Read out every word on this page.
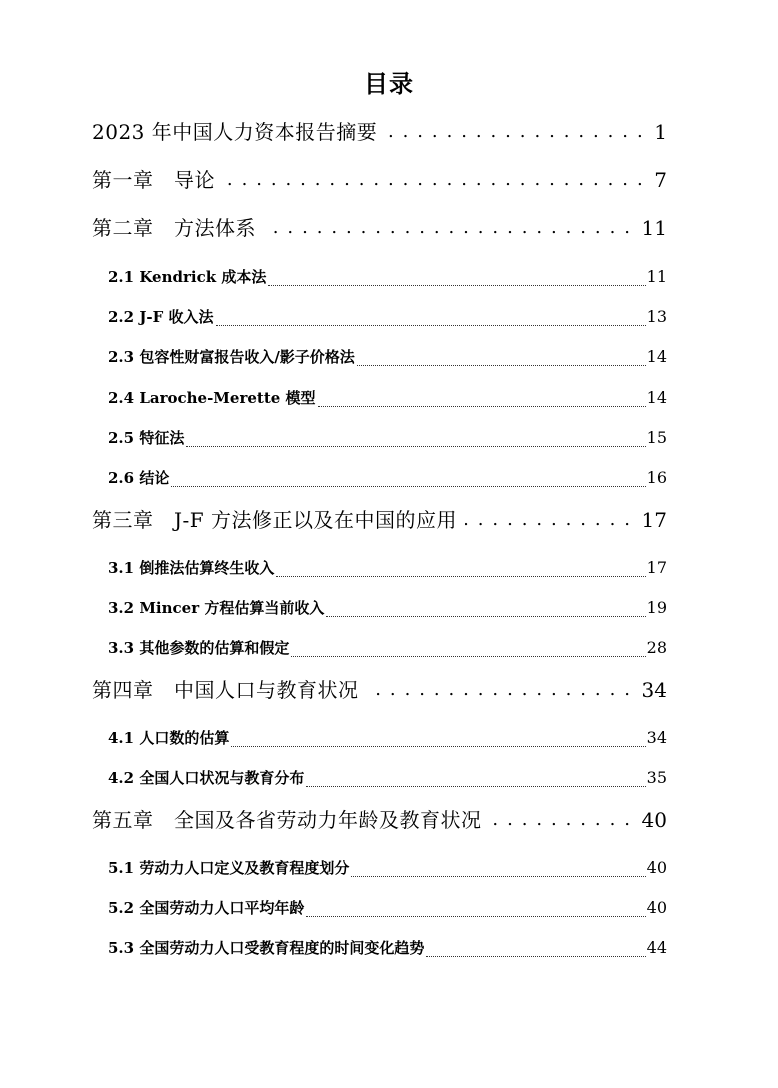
目录
2023 年中国人力资本报告摘要 . . .	1
第一章　导论 . . .	7
第二章　方法体系 . . .	11
2.1 Kendrick 成本法	11
2.2 J-F 收入法	13
2.3 包容性财富报告收入/影子价格法	14
2.4 Laroche-Merette 模型	14
2.5 特征法	15
2.6 结论	16
第三章　J-F 方法修正以及在中国的应用 . . .	17
3.1 倒推法估算终生收入	17
3.2 Mincer 方程估算当前收入	19
3.3 其他参数的估算和假定	28
第四章　中国人口与教育状况 . . .	34
4.1 人口数的估算	34
4.2 全国人口状况与教育分布	35
第五章　全国及各省劳动力年龄及教育状况 . . .	40
5.1 劳动力人口定义及教育程度划分	40
5.2 全国劳动力人口平均年龄	40
5.3 全国劳动力人口受教育程度的时间变化趋势	44
